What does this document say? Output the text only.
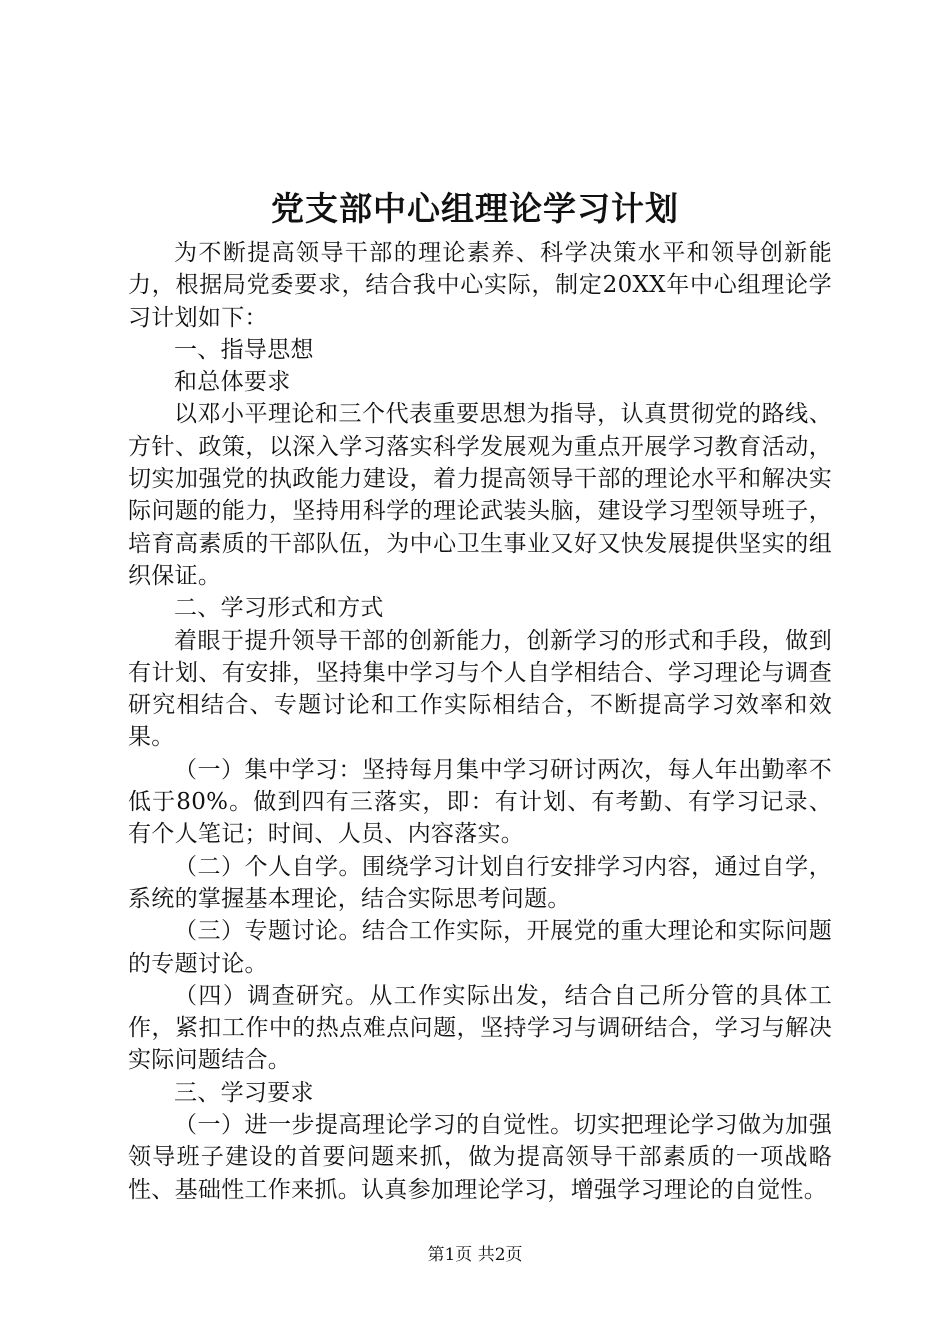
党支部中心组理论学习计划

为不断提高领导干部的理论素养、科学决策水平和领导创新能力，根据局党委要求，结合我中心实际，制定20XX年中心组理论学习计划如下：

一、指导思想

和总体要求

以邓小平理论和三个代表重要思想为指导，认真贯彻党的路线、方针、政策，以深入学习落实科学发展观为重点开展学习教育活动，切实加强党的执政能力建设，着力提高领导干部的理论水平和解决实际问题的能力，坚持用科学的理论武装头脑，建设学习型领导班子，培育高素质的干部队伍，为中心卫生事业又好又快发展提供坚实的组织保证。

二、学习形式和方式

着眼于提升领导干部的创新能力，创新学习的形式和手段，做到有计划、有安排，坚持集中学习与个人自学相结合、学习理论与调查研究相结合、专题讨论和工作实际相结合，不断提高学习效率和效果。

（一）集中学习：坚持每月集中学习研讨两次，每人年出勤率不低于80%。做到四有三落实，即：有计划、有考勤、有学习记录、有个人笔记；时间、人员、内容落实。

（二）个人自学。围绕学习计划自行安排学习内容，通过自学，系统的掌握基本理论，结合实际思考问题。

（三）专题讨论。结合工作实际，开展党的重大理论和实际问题的专题讨论。

（四）调查研究。从工作实际出发，结合自己所分管的具体工作，紧扣工作中的热点难点问题，坚持学习与调研结合，学习与解决实际问题结合。

三、学习要求

（一）进一步提高理论学习的自觉性。切实把理论学习做为加强领导班子建设的首要问题来抓，做为提高领导干部素质的一项战略性、基础性工作来抓。认真参加理论学习，增强学习理论的自觉性。

第1页 共2页
